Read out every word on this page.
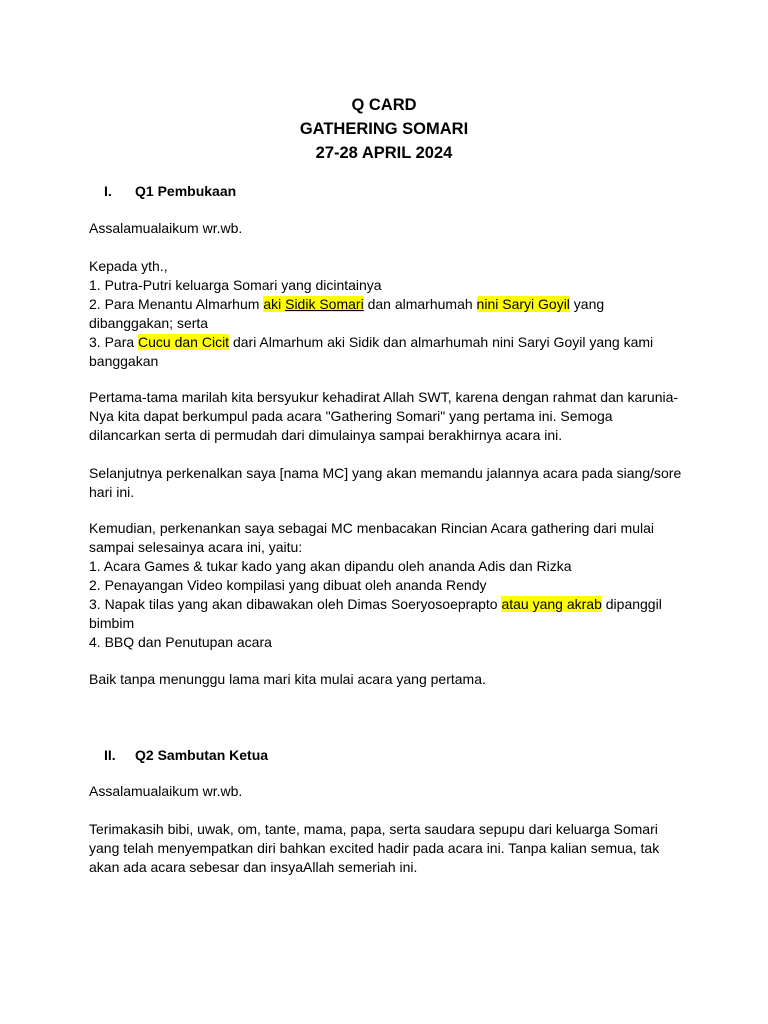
Q CARD
GATHERING SOMARI
27-28 APRIL 2024
I. Q1 Pembukaan
Assalamualaikum wr.wb.
Kepada yth.,
1. Putra-Putri keluarga Somari yang dicintainya
2. Para Menantu Almarhum aki Sidik Somari dan almarhumah nini Saryi Goyil yang
dibanggakan; serta
3. Para Cucu dan Cicit dari Almarhum aki Sidik dan almarhumah nini Saryi Goyil yang kami
banggakan
Pertama-tama marilah kita bersyukur kehadirat Allah SWT, karena dengan rahmat dan karunia-
Nya kita dapat berkumpul pada acara "Gathering Somari" yang pertama ini. Semoga
dilancarkan serta di permudah dari dimulainya sampai berakhirnya acara ini.
Selanjutnya perkenalkan saya [nama MC] yang akan memandu jalannya acara pada siang/sore
hari ini.
Kemudian, perkenankan saya sebagai MC menbacakan Rincian Acara gathering dari mulai
sampai selesainya acara ini, yaitu:
1. Acara Games & tukar kado yang akan dipandu oleh ananda Adis dan Rizka
2. Penayangan Video kompilasi yang dibuat oleh ananda Rendy
3. Napak tilas yang akan dibawakan oleh Dimas Soeryosoeprapto atau yang akrab dipanggil
bimbim
4. BBQ dan Penutupan acara
Baik tanpa menunggu lama mari kita mulai acara yang pertama.
II. Q2 Sambutan Ketua
Assalamualaikum wr.wb.
Terimakasih bibi, uwak, om, tante, mama, papa, serta saudara sepupu dari keluarga Somari
yang telah menyempatkan diri bahkan excited hadir pada acara ini. Tanpa kalian semua, tak
akan ada acara sebesar dan insyaAllah semeriah ini.
